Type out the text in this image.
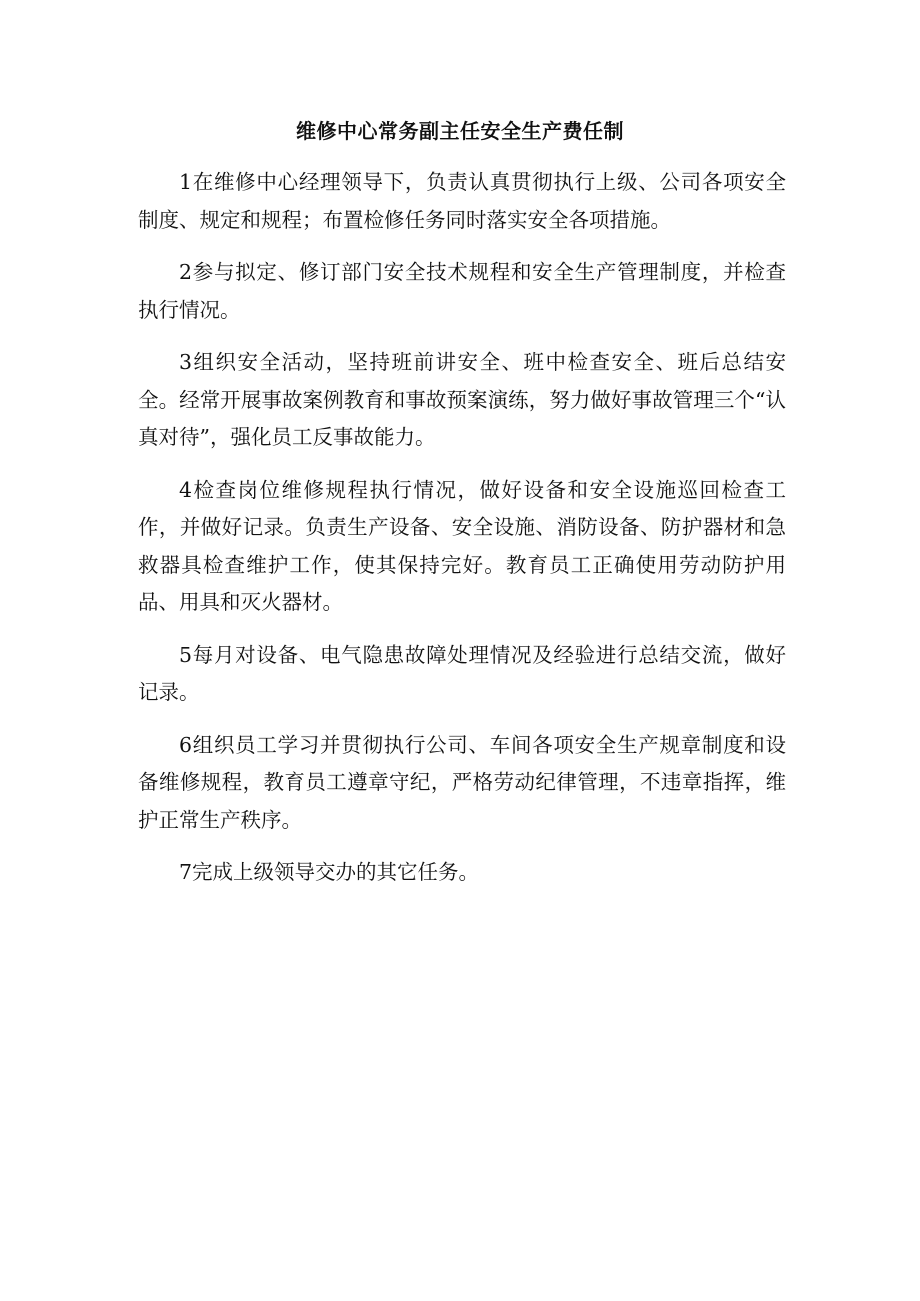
维修中心常务副主任安全生产费任制

1在维修中心经理领导下，负责认真贯彻执行上级、公司各项安全制度、规定和规程；布置检修任务同时落实安全各项措施。

2参与拟定、修订部门安全技术规程和安全生产管理制度，并检查执行情况。

3组织安全活动，坚持班前讲安全、班中检查安全、班后总结安全。经常开展事故案例教育和事故预案演练，努力做好事故管理三个“认真对待”，强化员工反事故能力。

4检查岗位维修规程执行情况，做好设备和安全设施巡回检查工作，并做好记录。负责生产设备、安全设施、消防设备、防护器材和急救器具检查维护工作，使其保持完好。教育员工正确使用劳动防护用品、用具和灭火器材。

5每月对设备、电气隐患故障处理情况及经验进行总结交流，做好记录。

6组织员工学习并贯彻执行公司、车间各项安全生产规章制度和设备维修规程，教育员工遵章守纪，严格劳动纪律管理，不违章指挥，维护正常生产秩序。

7完成上级领导交办的其它任务。
